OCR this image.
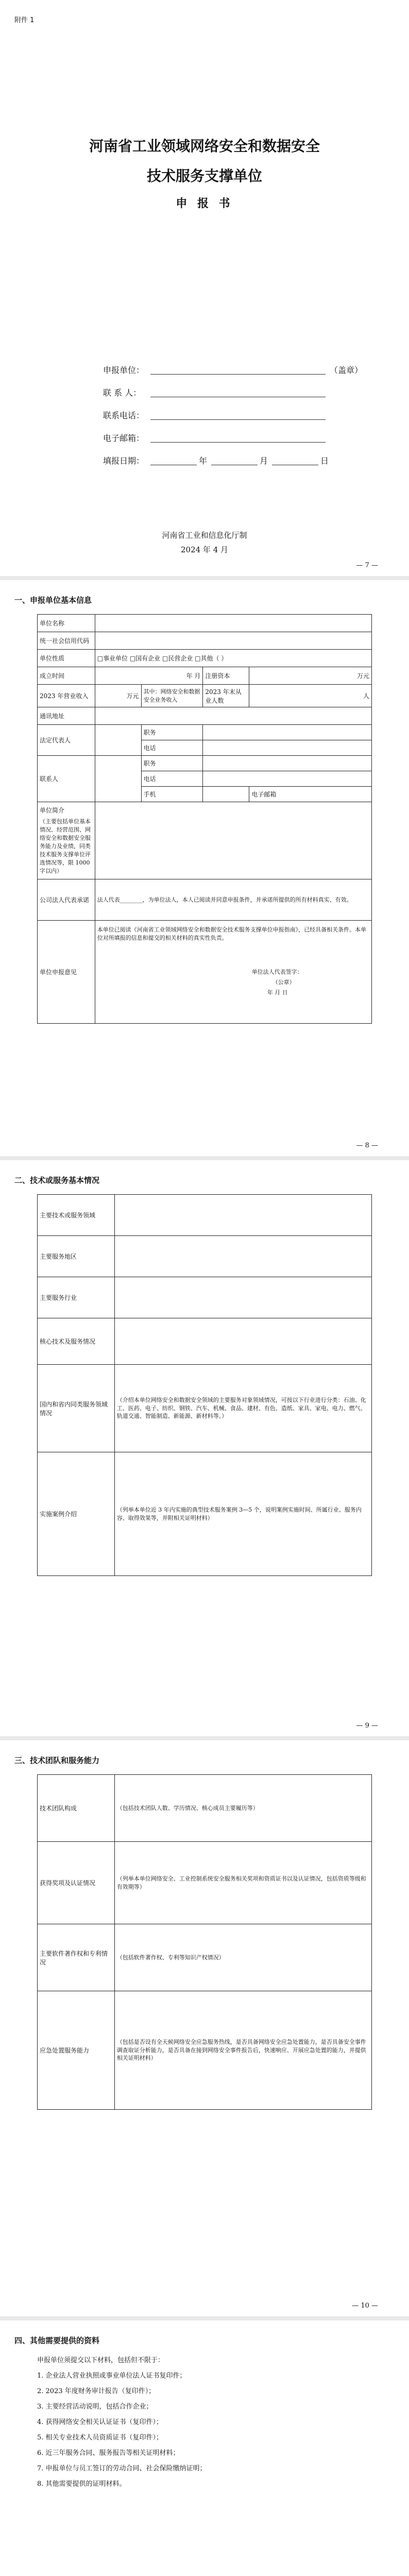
附件 1
河南省工业领域网络安全和数据安全
技术服务支撑单位
申 报 书
申报单位：	（盖章）
联 系 人：
联系电话：
电子邮箱：
填报日期：	年	月	日
河南省工业和信息化厅制
2024 年 4 月
— 7 —
一、申报单位基本信息
单位名称				
统一社会信用代码				
单位性质	□事业单位 □国有企业 □民营企业 □其他（ ）			
成立时间	年 月		注册资本	万元
2023 年营业收入	万元	其中：网络安全和数据安全业务收入	2023 年末从业人数	人
通讯地址				
法定代表人		职务		
		电话		
联系人		职务		
		电话		
		手机		电子邮箱

单位简介
（主要包括单位基本情况、经营范围、网络安全和数据安全服务能力及业绩，同类技术服务支撑单位评选情况等，限 1000 字以内）				

公司法人代表承诺	法人代表________，为单位法人，本人已阅读并同意申报条件，并承诺所提供的所有材料真实、有效。			
单位申报意见	本单位已阅读《河南省工业领域网络安全和数据安全技术服务支撑单位申报指南》，已经具备相关条件。本单位对所填报的信息和提交的相关材料的真实性负责。
单位法人代表签字：
（公章）
年 月 日			
— 8 —
二、技术或服务基本情况
主要技术或服务领域	
主要服务地区	
主要服务行业	
核心技术及服务情况	
国内和省内同类服务领域情况	（介绍本单位网络安全和数据安全领域的主要服务对象领域情况，可按以下行业进行分类：石油、化工、医药、电子、纺织、钢铁、汽车、机械、食品、建材、有色、造纸、家具、家电、电力、燃气、轨道交通、智能制造、新能源、新材料等。）
实施案例介绍	（列举本单位近 3 年内实施的典型技术服务案例 3—5 个，说明案例实施时间、所属行业、服务内容、取得效果等，并附相关证明材料）
— 9 —
三、技术团队和服务能力
技术团队构成	（包括技术团队人数、学历情况、核心成员主要履历等）
获得奖项及认证情况	（列举本单位网络安全、工业控制系统安全服务相关奖项和资质证书以及认证情况，包括资质等级和有效期等）
主要软件著作权和专利情况	（包括软件著作权、专利等知识产权情况）
应急处置服务能力	（包括是否设有全天候网络安全应急服务热线，是否具备网络安全应急处置能力，是否具备安全事件调查取证分析能力，是否具备在接到网络安全事件报告后，快速响应、开展应急处置的能力，并提供相关证明材料）
— 10 —
四、其他需要提供的资料
申报单位须提交以下材料，包括但不限于：
1. 企业法人营业执照或事业单位法人证书复印件；
2. 2023 年度财务审计报告（复印件）；
3. 主要经营活动说明，包括合作企业；
4. 获得网络安全相关认证证书（复印件）；
5. 相关专业技术人员资质证书（复印件）；
6. 近三年服务合同、服务报告等相关证明材料；
7. 申报单位与员工签订的劳动合同、社会保险缴纳证明；
8. 其他需要提供的证明材料。
